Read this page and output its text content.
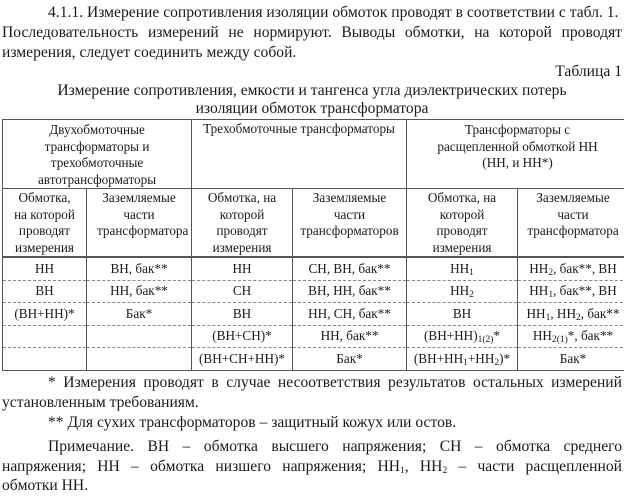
4.1.1. Измерение сопротивления изоляции обмоток проводят в соответствии с табл. 1.
Последовательность измерений не нормируют. Выводы обмотки, на которой проводят
измерения, следует соединить между собой.
Таблица 1
Измерение сопротивления, емкости и тангенса угла диэлектрических потерь
изоляции обмоток трансформатора
Двухобмоточные трансформаторы и трехобмоточные автотрансформаторы		Трехобмоточные трансформаторы		Трансформаторы с расщепленной обмоткой НН (НН, и НН*)	
Обмотка, на которой проводят измерения	Заземляемые части трансформатора	Обмотка, на которой проводят измерения	Заземляемые части трансформаторов	Обмотка, на которой проводят измерения	Заземляемые части трансформатора
НН	ВН, бак**	НН	СН, ВН, бак**	$НН_1$	$НН_2$, бак**, ВН
ВН	НН, бак**	СН	ВН, НН, бак**	$НН_2$	$НН_1$, бак**, ВН
(ВН+НН)*	Бак*	ВН	НН, СН, бак**	ВН	$НН_1$, $НН_2$, бак**
		(ВН+СН)*	НН, бак**	$(ВН+НН)_{1(2)}*$	$НН_{2(1)}*$, бак**
		(ВН+СН+НН)*	Бак*	$(ВН+НН_1+НН_2)*$	Бак*
* Измерения проводят в случае несоответствия результатов остальных измерений
установленным требованиям.
** Для сухих трансформаторов – защитный кожух или остов.
Примечание. ВН – обмотка высшего напряжения; СН – обмотка среднего
напряжения; НН – обмотка низшего напряжения; $НН_1$, $НН_2$ – части расщепленной
обмотки НН.
